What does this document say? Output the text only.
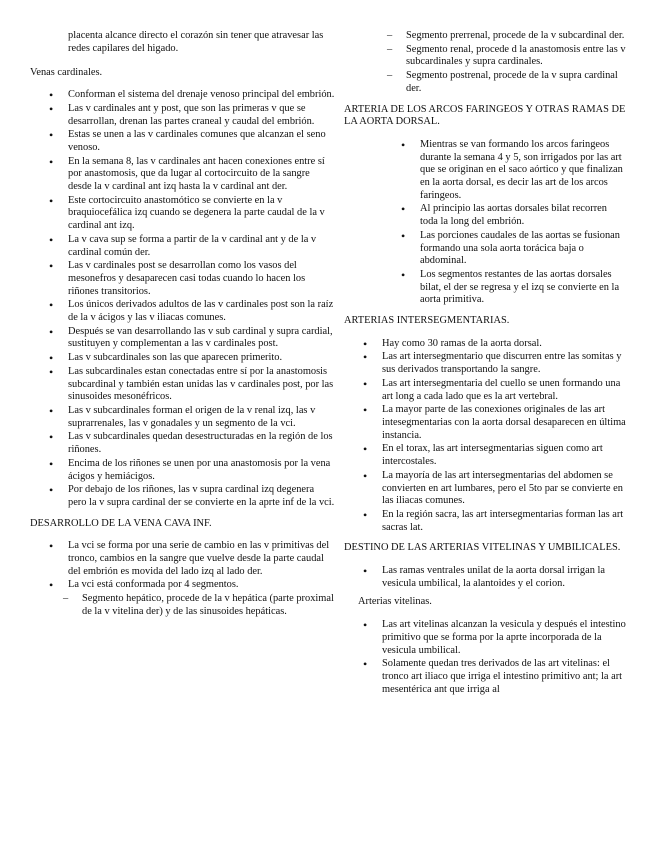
placenta alcance directo el corazón sin tener que atravesar las redes capilares del higado.

Venas cardinales.

• Conforman el sistema del drenaje venoso principal del embrión.
• Las v cardinales ant y post, que son las primeras v que se desarrollan, drenan las partes craneal y caudal del embrión.
• Estas se unen a las v cardinales comunes que alcanzan el seno venoso.
• En la semana 8, las v cardinales ant hacen conexiones entre sí por anastomosis, que da lugar al cortocircuito de la sangre desde la v cardinal ant izq hasta la v cardinal ant der.
• Este cortocircuito anastomótico se convierte en la v braquiocefálica izq cuando se degenera la parte caudal de la v cardinal ant izq.
• La v cava sup se forma a partir de la v cardinal ant y de la v cardinal común der.
• Las v cardinales post se desarrollan como los vasos del mesonefros y desaparecen casi todas cuando lo hacen los riñones transitorios.
• Los únicos derivados adultos de las v cardinales post son la raíz de la v ácigos y las v iliacas comunes.
• Después se van desarrollando las v sub cardinal y supra cardial, sustituyen y complementan a las v cardinales post.
• Las v subcardinales son las que aparecen primerito.
• Las subcardinales estan conectadas entre sí por la anastomosis subcardinal y también estan unidas las v cardinales post, por las sinusoides mesonéfricos.
• Las v subcardinales forman el origen de la v renal izq, las v suprarrenales, las v gonadales y un segmento de la vci.
• Las v subcardinales quedan desestructuradas en la región de los riñones.
• Encima de los riñones se unen por una anastomosis por la vena ácigos y hemiácigos.
• Por debajo de los riñones, las v supra cardinal izq degenera pero la v supra cardinal der se convierte en la aprte inf de la vci.

DESARROLLO DE LA VENA CAVA INF.

• La vci se forma por una serie de cambio en las v primitivas del tronco, cambios en la sangre que vuelve desde la parte caudal del embrión es movida del lado izq al lado der.
• La vci está conformada por 4 segmentos.
– Segmento hepático, procede de la v hepática (parte proximal de la v vitelina der) y de las sinusoides hepáticas.
– Segmento prerrenal, procede de la v subcardinal der.
– Segmento renal, procede d la anastomosis entre las v subcardinales y supra cardinales.
– Segmento postrenal, procede de la v supra cardinal der.

ARTERIA DE LOS ARCOS FARINGEOS Y OTRAS RAMAS DE LA AORTA DORSAL.

• Mientras se van formando los arcos faringeos durante la semana 4 y 5, son irrigados por las art que se originan en el saco aórtico y que finalizan en la aorta dorsal, es decir las art de los arcos faringeos.
• Al principio las aortas dorsales bilat recorren toda la long del embrión.
• Las porciones caudales de las aortas se fusionan formando una sola aorta torácica baja o abdominal.
• Los segmentos restantes de las aortas dorsales bilat, el der se regresa y el izq se convierte en la aorta primitiva.

ARTERIAS INTERSEGMENTARIAS.

• Hay como 30 ramas de la aorta dorsal.
• Las art intersegmentario que discurren entre las somitas y sus derivados transportando la sangre.
• Las art intersegmentaria del cuello se unen formando una art long a cada lado que es la art vertebral.
• La mayor parte de las conexiones originales de las art intesegmentarias con la aorta dorsal desaparecen en última instancia.
• En el torax, las art intersegmentarias siguen como art intercostales.
• La mayoría de las art intersegmentarias del abdomen se convierten en art lumbares, pero el 5to par se convierte en las iliacas comunes.
• En la región sacra, las art intersegmentarias forman las art sacras lat.

DESTINO DE LAS ARTERIAS VITELINAS Y UMBILICALES.

• Las ramas ventrales unilat de la aorta dorsal irrigan la vesicula umbilical, la alantoides y el corion.

Arterias vitelinas.

• Las art vitelinas alcanzan la vesicula y después el intestino primitivo que se forma por la aprte incorporada de la vesicula umbilical.
• Solamente quedan tres derivados de las art vitelinas: el tronco art iliaco que irriga el intestino primitivo ant; la art mesentérica ant que irriga al
